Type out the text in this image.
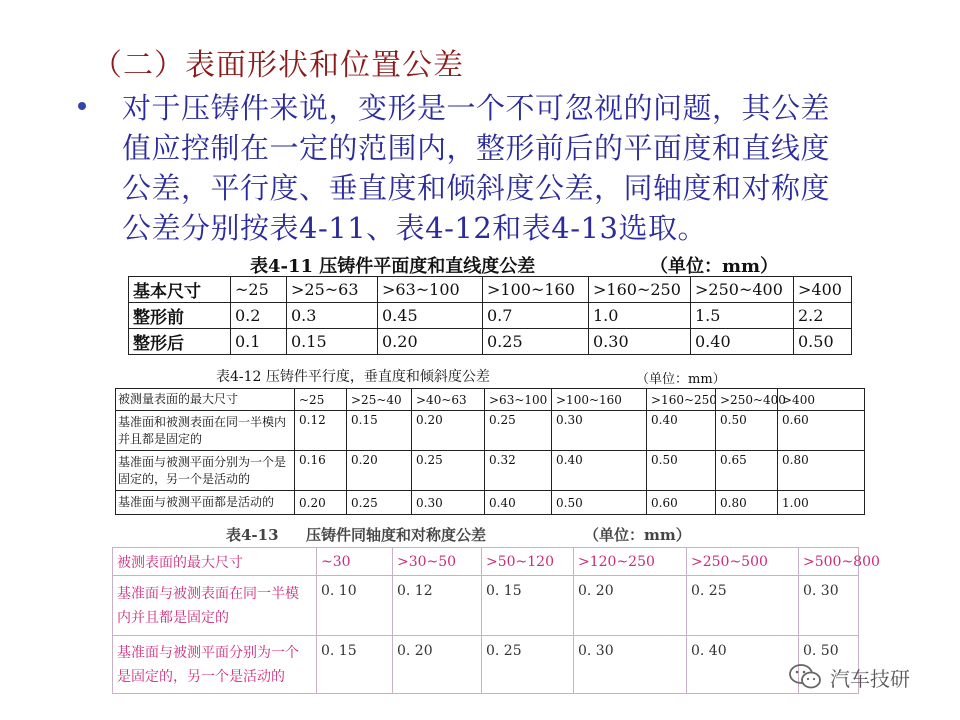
（二）表面形状和位置公差
对于压铸件来说，变形是一个不可忽视的问题，其公差
值应控制在一定的范围内，整形前后的平面度和直线度
公差，平行度、垂直度和倾斜度公差，同轴度和对称度
公差分别按表4-11、表4-12和表4-13选取。
表4-11 压铸件平面度和直线度公差	（单位：mm）
基本尺寸	~25	>25~63	>63~100	>100~160	>160~250	>250~400	>400
整形前	0.2	0.3	0.45	0.7	1.0	1.5	2.2
整形后	0.1	0.15	0.20	0.25	0.30	0.40	0.50
表4-12 压铸件平行度，垂直度和倾斜度公差	（单位：mm）
被测量表面的最大尺寸	~25	>25~40	>40~63	>63~100	>100~160	>160~250	>250~400	>400
基准面和被测表面在同一半模内并且都是固定的	0.12	0.15	0.20	0.25	0.30	0.40	0.50	0.60
基准面与被测平面分别为一个是固定的，另一个是活动的	0.16	0.20	0.25	0.32	0.40	0.50	0.65	0.80
基准面与被测平面都是活动的	0.20	0.25	0.30	0.40	0.50	0.60	0.80	1.00
表4-13 压铸件同轴度和对称度公差	（单位：mm）
被测表面的最大尺寸	~30	>30~50	>50~120	>120~250	>250~500	>500~800
基准面与被测表面在同一半模内并且都是固定的	0. 10	0. 12	0. 15	0. 20	0. 25	0. 30
基准面与被测平面分别为一个是固定的，另一个是活动的	0. 15	0. 20	0. 25	0. 30	0. 40	0. 50
汽车技研
